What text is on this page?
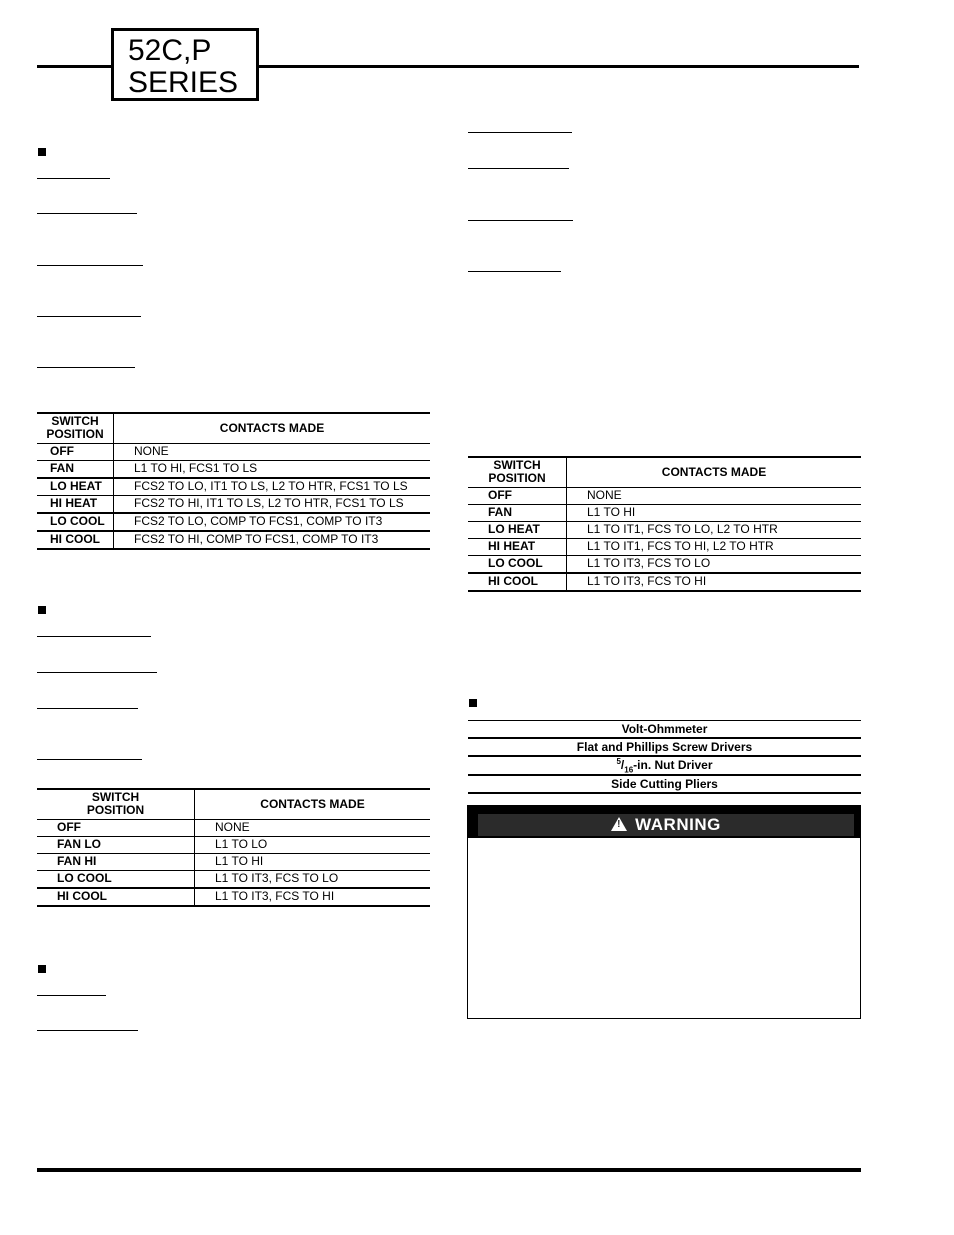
52C,P
SERIES
SWITCH
POSITION	CONTACTS MADE
OFF	NONE
FAN	L1 TO HI, FCS1 TO LS
LO HEAT	FCS2 TO LO, IT1 TO LS, L2 TO HTR, FCS1 TO LS
HI HEAT	FCS2 TO HI, IT1 TO LS, L2 TO HTR, FCS1 TO LS
LO COOL	FCS2 TO LO, COMP TO FCS1, COMP TO IT3
HI COOL	FCS2 TO HI, COMP TO FCS1, COMP TO IT3
SWITCH
POSITION	CONTACTS MADE
OFF	NONE
FAN LO	L1 TO LO
FAN HI	L1 TO HI
LO COOL	L1 TO IT3, FCS TO LO
HI COOL	L1 TO IT3, FCS TO HI
SWITCH
POSITION	CONTACTS MADE
OFF	NONE
FAN	L1 TO HI
LO HEAT	L1 TO IT1, FCS TO LO, L2 TO HTR
HI HEAT	L1 TO IT1, FCS TO HI, L2 TO HTR
LO COOL	L1 TO IT3, FCS TO LO
HI COOL	L1 TO IT3, FCS TO HI
Volt-Ohmmeter
Flat and Phillips Screw Drivers
$^5/_{16}-in$. Nut Driver
Side Cutting Pliers
! WARNING
